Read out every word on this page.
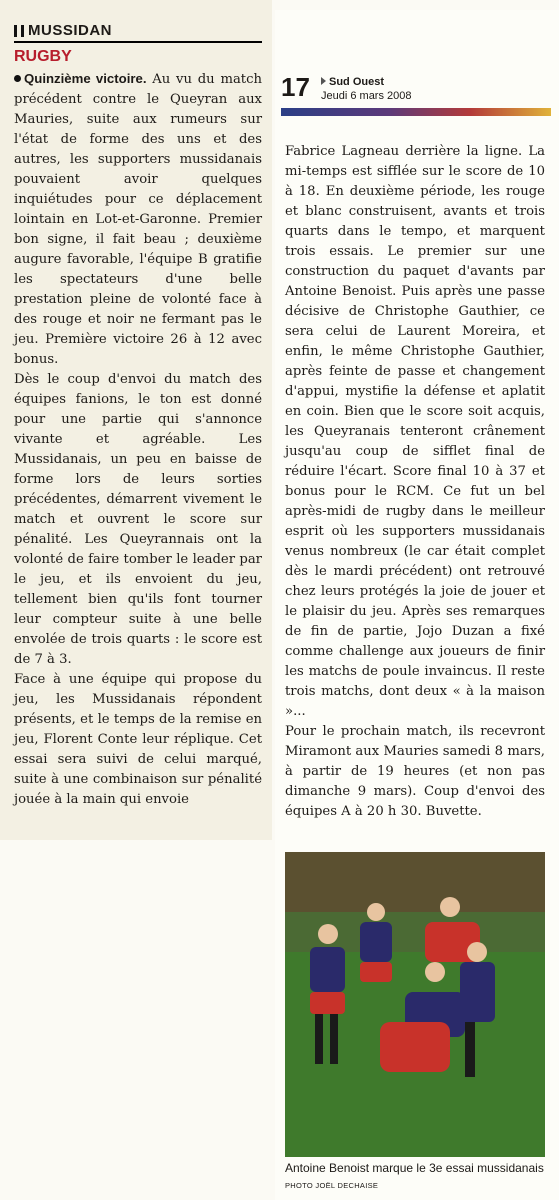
MUSSIDAN
RUGBY

Quinzième victoire. Au vu du match précédent contre le Queyran aux Mauries, suite aux rumeurs sur l'état de forme des uns et des autres, les supporters mussidanais pouvaient avoir quelques inquiétudes pour ce déplacement lointain en Lot-et-Garonne. Premier bon signe, il fait beau ; deuxième augure favorable, l'équipe B gratifie les spectateurs d'une belle prestation pleine de volonté face à des rouge et noir ne fermant pas le jeu. Première victoire 26 à 12 avec bonus.

Dès le coup d'envoi du match des équipes fanions, le ton est donné pour une partie qui s'annonce vivante et agréable. Les Mussidanais, un peu en baisse de forme lors de leurs sorties précédentes, démarrent vivement le match et ouvrent le score sur pénalité. Les Queyrannais ont la volonté de faire tomber le leader par le jeu, et ils envoient du jeu, tellement bien qu'ils font tourner leur compteur suite à une belle envolée de trois quarts : le score est de 7 à 3.

Face à une équipe qui propose du jeu, les Mussidanais répondent présents, et le temps de la remise en jeu, Florent Conte leur réplique. Cet essai sera suivi de celui marqué, suite à une combinaison sur pénalité jouée à la main qui envoie

17	Sud Ouest
Jeudi 6 mars 2008

Fabrice Lagneau derrière la ligne. La mi-temps est sifflée sur le score de 10 à 18. En deuxième période, les rouge et blanc construisent, avants et trois quarts dans le tempo, et marquent trois essais. Le premier sur une construction du paquet d'avants par Antoine Benoist. Puis après une passe décisive de Christophe Gauthier, ce sera celui de Laurent Moreira, et enfin, le même Christophe Gauthier, après feinte de passe et changement d'appui, mystifie la défense et aplatit en coin. Bien que le score soit acquis, les Queyranais tenteront crânement jusqu'au coup de sifflet final de réduire l'écart. Score final 10 à 37 et bonus pour le RCM. Ce fut un bel après-midi de rugby dans le meilleur esprit où les supporters mussidanais venus nombreux (le car était complet dès le mardi précédent) ont retrouvé chez leurs protégés la joie de jouer et le plaisir du jeu. Après ses remarques de fin de partie, Jojo Duzan a fixé comme challenge aux joueurs de finir les matchs de poule invaincus. Il reste trois matchs, dont deux « à la maison »...

Pour le prochain match, ils recevront Miramont aux Mauries samedi 8 mars, à partir de 19 heures (et non pas dimanche 9 mars). Coup d'envoi des équipes A à 20 h 30. Buvette.

Antoine Benoist marque le 3e essai mussidanais PHOTO JOËL DECHAISE
